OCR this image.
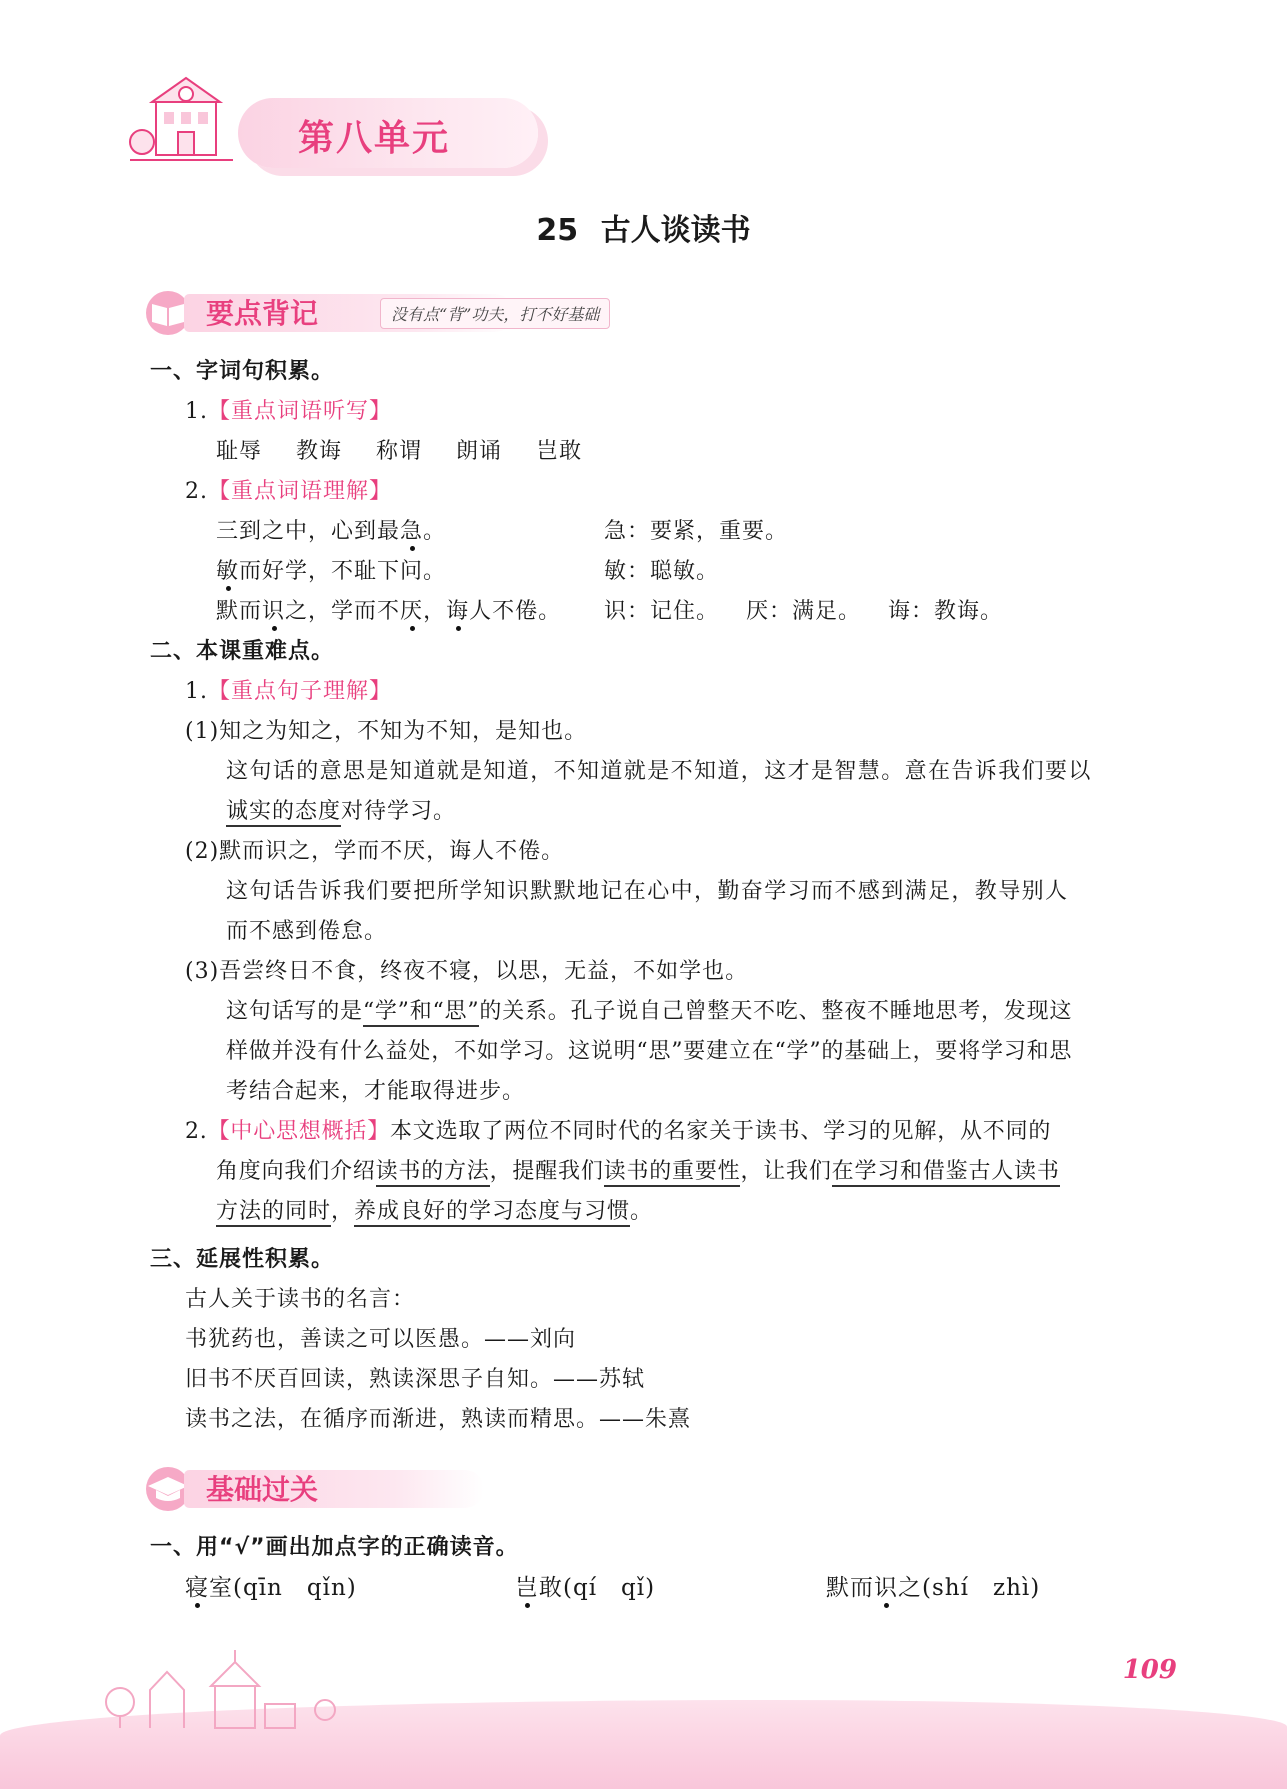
第八单元
25 古人谈读书
要点背记	没有点“背”功夫，打不好基础
一、字词句积累。
1.【重点词语听写】
耻辱 教诲 称谓 朗诵 岂敢
2.【重点词语理解】
三到之中，心到最急。	急：要紧，重要。
敏而好学，不耻下问。	敏：聪敏。
默而识之，学而不厌，诲人不倦。 识：记住。 厌：满足。 诲：教诲。
二、本课重难点。
1.【重点句子理解】
(1)知之为知之，不知为不知，是知也。
这句话的意思是知道就是知道，不知道就是不知道，这才是智慧。意在告诉我们要以
诚实的态度对待学习。
(2)默而识之，学而不厌，诲人不倦。
这句话告诉我们要把所学知识默默地记在心中，勤奋学习而不感到满足，教导别人
而不感到倦怠。
(3)吾尝终日不食，终夜不寝，以思，无益，不如学也。
这句话写的是“学”和“思”的关系。孔子说自己曾整天不吃、整夜不睡地思考，发现这
样做并没有什么益处，不如学习。这说明“思”要建立在“学”的基础上，要将学习和思
考结合起来，才能取得进步。
2.【中心思想概括】本文选取了两位不同时代的名家关于读书、学习的见解，从不同的
角度向我们介绍读书的方法，提醒我们读书的重要性，让我们在学习和借鉴古人读书
方法的同时，养成良好的学习态度与习惯。
三、延展性积累。
古人关于读书的名言：
书犹药也，善读之可以医愚。——刘向
旧书不厌百回读，熟读深思子自知。——苏轼
读书之法，在循序而渐进，熟读而精思。——朱熹
基础过关
一、用“√”画出加点字的正确读音。
寝室(qīn　qǐn)	岂敢(qí　qǐ)	默而识之(shí　zhì)
109
